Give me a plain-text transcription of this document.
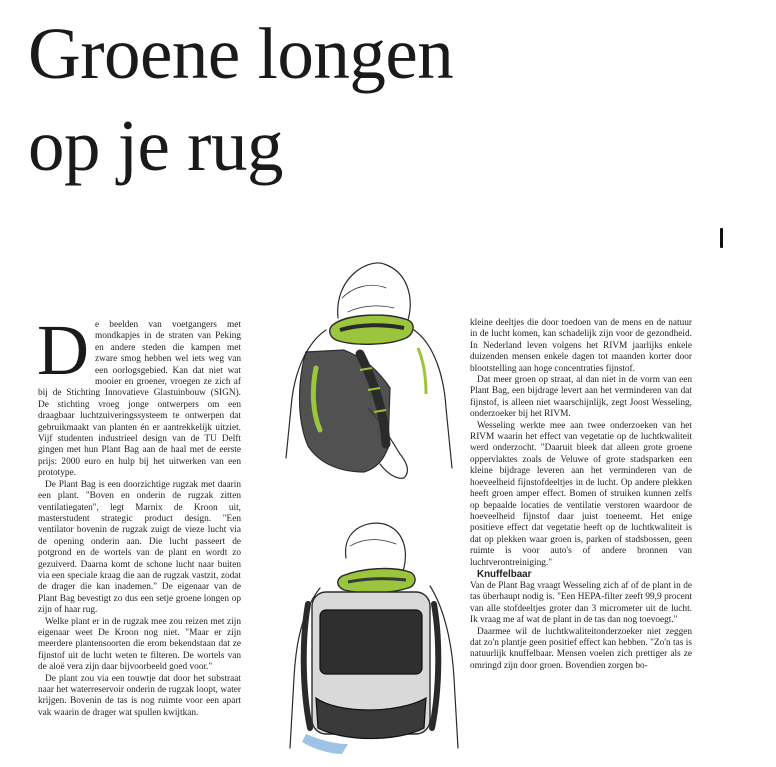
Groene longen
op je rug

D e beelden van voetgangers met mondkapjes in de straten van Peking en andere steden die kampen met zware smog hebben wel iets weg van een oorlogsgebied. Kan dat niet wat mooier en groener, vroegen ze zich af bij de Stichting Innovatieve Glastuinbouw (SIGN). De stichting vroeg jonge ontwerpers om een draagbaar luchtzuiveringssysteem te ontwerpen dat gebruikmaakt van planten én er aantrekkelijk uitziet. Vijf studenten industrieel design van de TU Delft gingen met hun Plant Bag aan de haal met de eerste prijs: 2000 euro en hulp bij het uitwerken van een prototype.

De Plant Bag is een doorzichtige rugzak met daarin een plant. "Boven en onderin de rugzak zitten ventilatiegaten", legt Marnix de Kroon uit, masterstudent strategic product design. "Een ventilator bovenin de rugzak zuigt de vieze lucht via de opening onderin aan. Die lucht passeert de potgrond en de wortels van de plant en wordt zo gezuiverd. Daarna komt de schone lucht naar buiten via een speciale kraag die aan de rugzak vastzit, zodat de drager die kan inademen." De eigenaar van de Plant Bag bevestigt zo dus een setje groene longen op zijn of haar rug.

Welke plant er in de rugzak mee zou reizen met zijn eigenaar weet De Kroon nog niet. "Maar er zijn meerdere plantensoorten die erom bekendstaan dat ze fijnstof uit de lucht weten te filteren. De wortels van de aloë vera zijn daar bijvoorbeeld goed voor."

De plant zou via een touwtje dat door het substraat naar het waterreservoir onderin de rugzak loopt, water krijgen. Bovenin de tas is nog ruimte voor een apart vak waarin de drager wat spullen kwijtkan.

kleine deeltjes die door toedoen van de mens en de natuur in de lucht komen, kan schadelijk zijn voor de gezondheid. In Nederland leven volgens het RIVM jaarlijks enkele duizenden mensen enkele dagen tot maanden korter door blootstelling aan hoge concentraties fijnstof.

Dat meer groen op straat, al dan niet in de vorm van een Plant Bag, een bijdrage levert aan het verminderen van dat fijnstof, is alleen niet waarschijnlijk, zegt Joost Wesseling, onderzoeker bij het RIVM.

Wesseling werkte mee aan twee onderzoeken van het RIVM waarin het effect van vegetatie op de luchtkwaliteit werd onderzocht. "Daaruit bleek dat alleen grote groene oppervlaktes zoals de Veluwe of grote stadsparken een kleine bijdrage leveren aan het verminderen van de hoeveelheid fijnstofdeeltjes in de lucht. Op andere plekken heeft groen amper effect. Bomen of struiken kunnen zelfs op bepaalde locaties de ventilatie verstoren waardoor de hoeveelheid fijnstof daar juist toeneemt. Het enige positieve effect dat vegetatie heeft op de luchtkwaliteit is dat op plekken waar groen is, parken of stadsbossen, geen ruimte is voor auto's of andere bronnen van luchtverontreiniging."

Knuffelbaar

Van de Plant Bag vraagt Wesseling zich af of de plant in de tas überhaupt nodig is. "Een HEPA-filter zeeft 99,9 procent van alle stofdeeltjes groter dan 3 micrometer uit de lucht. Ik vraag me af wat de plant in de tas dan nog toevoegt."

Daarmee wil de luchtkwaliteitonderzoeker niet zeggen dat zo'n plantje geen positief effect kan hebben. "Zo'n tas is natuurlijk knuffelbaar. Mensen voelen zich prettiger als ze omringd zijn door groen. Bovendien zorgen bo-
